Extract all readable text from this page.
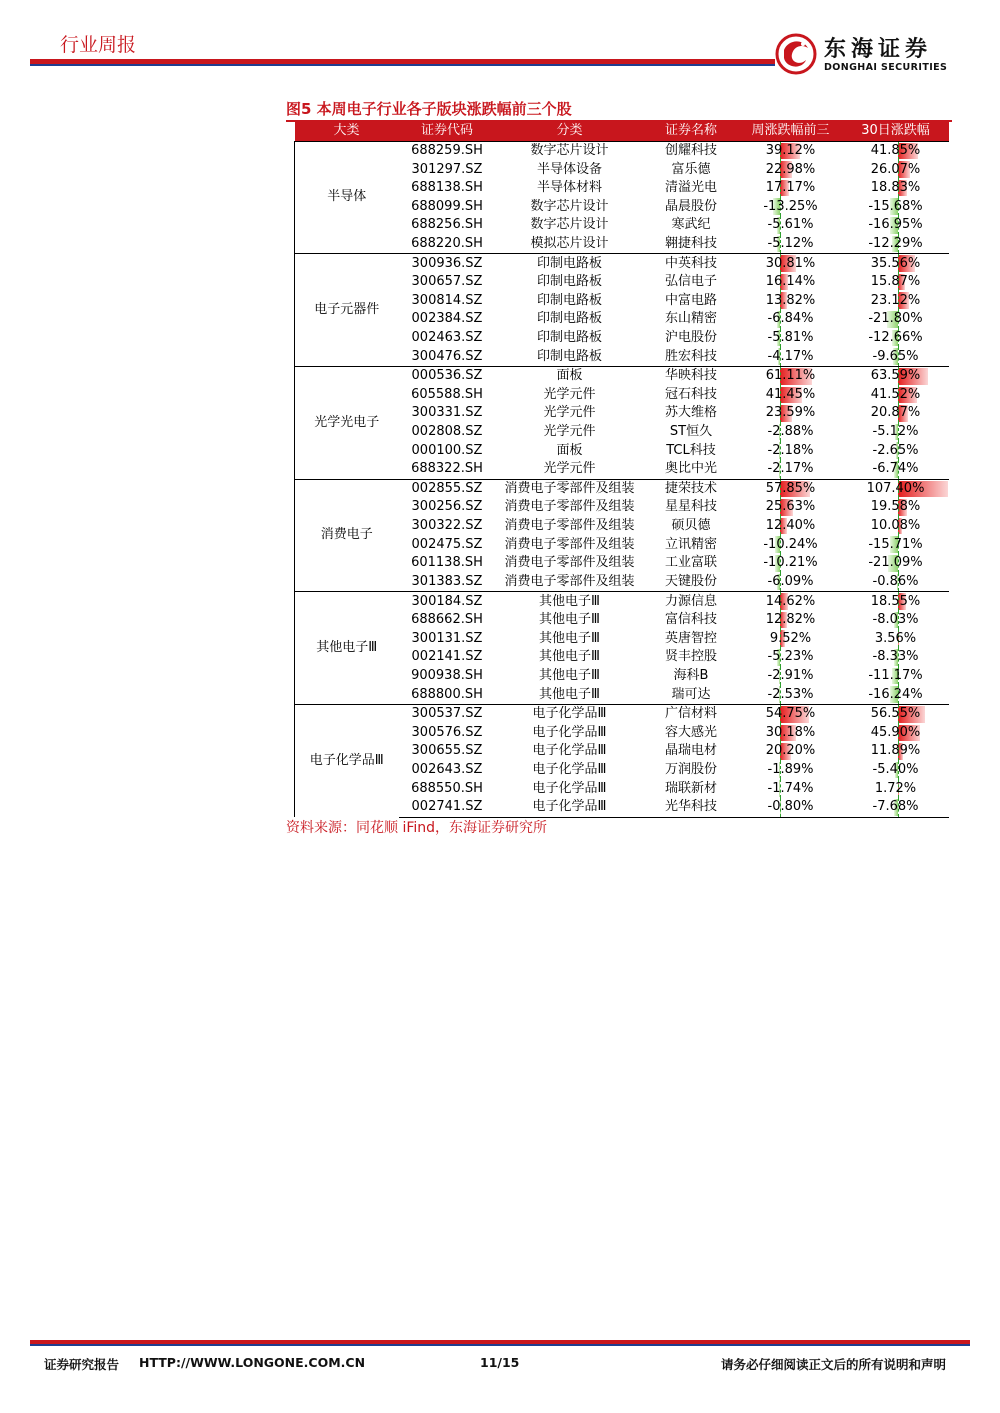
行业周报	东海证券
DONGHAI SECURITIES
图5 本周电子行业各子版块涨跌幅前三个股
大类	证券代码	分类	证券名称	周涨跌幅前三	30日涨跌幅
半导体	688259.SH	数字芯片设计	创耀科技	39.12%	41.85%
	301297.SZ	半导体设备	富乐德	22.98%	26.07%
	688138.SH	半导体材料	清溢光电	17.17%	18.83%
	688099.SH	数字芯片设计	晶晨股份	-13.25%	-15.68%
	688256.SH	数字芯片设计	寒武纪	-5.61%	-16.95%
	688220.SH	模拟芯片设计	翱捷科技	-5.12%	-12.29%
电子元器件	300936.SZ	印制电路板	中英科技	30.81%	35.56%
	300657.SZ	印制电路板	弘信电子	16.14%	15.87%
	300814.SZ	印制电路板	中富电路	13.82%	23.12%
	002384.SZ	印制电路板	东山精密	-6.84%	-21.80%
	002463.SZ	印制电路板	沪电股份	-5.81%	-12.66%
	300476.SZ	印制电路板	胜宏科技	-4.17%	-9.65%
光学光电子	000536.SZ	面板	华映科技	61.11%	63.59%
	605588.SH	光学元件	冠石科技	41.45%	41.52%
	300331.SZ	光学元件	苏大维格	23.59%	20.87%
	002808.SZ	光学元件	ST恒久	-2.88%	-5.12%
	000100.SZ	面板	TCL科技	-2.18%	-2.65%
	688322.SH	光学元件	奥比中光	-2.17%	-6.74%
消费电子	002855.SZ	消费电子零部件及组装	捷荣技术	57.85%	107.40%
	300256.SZ	消费电子零部件及组装	星星科技	25.63%	19.58%
	300322.SZ	消费电子零部件及组装	硕贝德	12.40%	10.08%
	002475.SZ	消费电子零部件及组装	立讯精密	-10.24%	-15.71%
	601138.SH	消费电子零部件及组装	工业富联	-10.21%	-21.09%
	301383.SZ	消费电子零部件及组装	天键股份	-6.09%	-0.86%
其他电子Ⅲ	300184.SZ	其他电子Ⅲ	力源信息	14.62%	18.55%
	688662.SH	其他电子Ⅲ	富信科技	12.82%	-8.03%
	300131.SZ	其他电子Ⅲ	英唐智控	9.52%	3.56%
	002141.SZ	其他电子Ⅲ	贤丰控股	-5.23%	-8.33%
	900938.SH	其他电子Ⅲ	海科B	-2.91%	-11.17%
	688800.SH	其他电子Ⅲ	瑞可达	-2.53%	-16.24%
电子化学品Ⅲ	300537.SZ	电子化学品Ⅲ	广信材料	54.75%	56.55%
	300576.SZ	电子化学品Ⅲ	容大感光	30.18%	45.90%
	300655.SZ	电子化学品Ⅲ	晶瑞电材	20.20%	11.89%
	002643.SZ	电子化学品Ⅲ	万润股份	-1.89%	-5.40%
	688550.SH	电子化学品Ⅲ	瑞联新材	-1.74%	1.72%
	002741.SZ	电子化学品Ⅲ	光华科技	-0.80%	-7.68%
资料来源：同花顺 iFind，东海证券研究所
证券研究报告 HTTP://WWW.LONGONE.COM.CN	11/15	请务必仔细阅读正文后的所有说明和声明
